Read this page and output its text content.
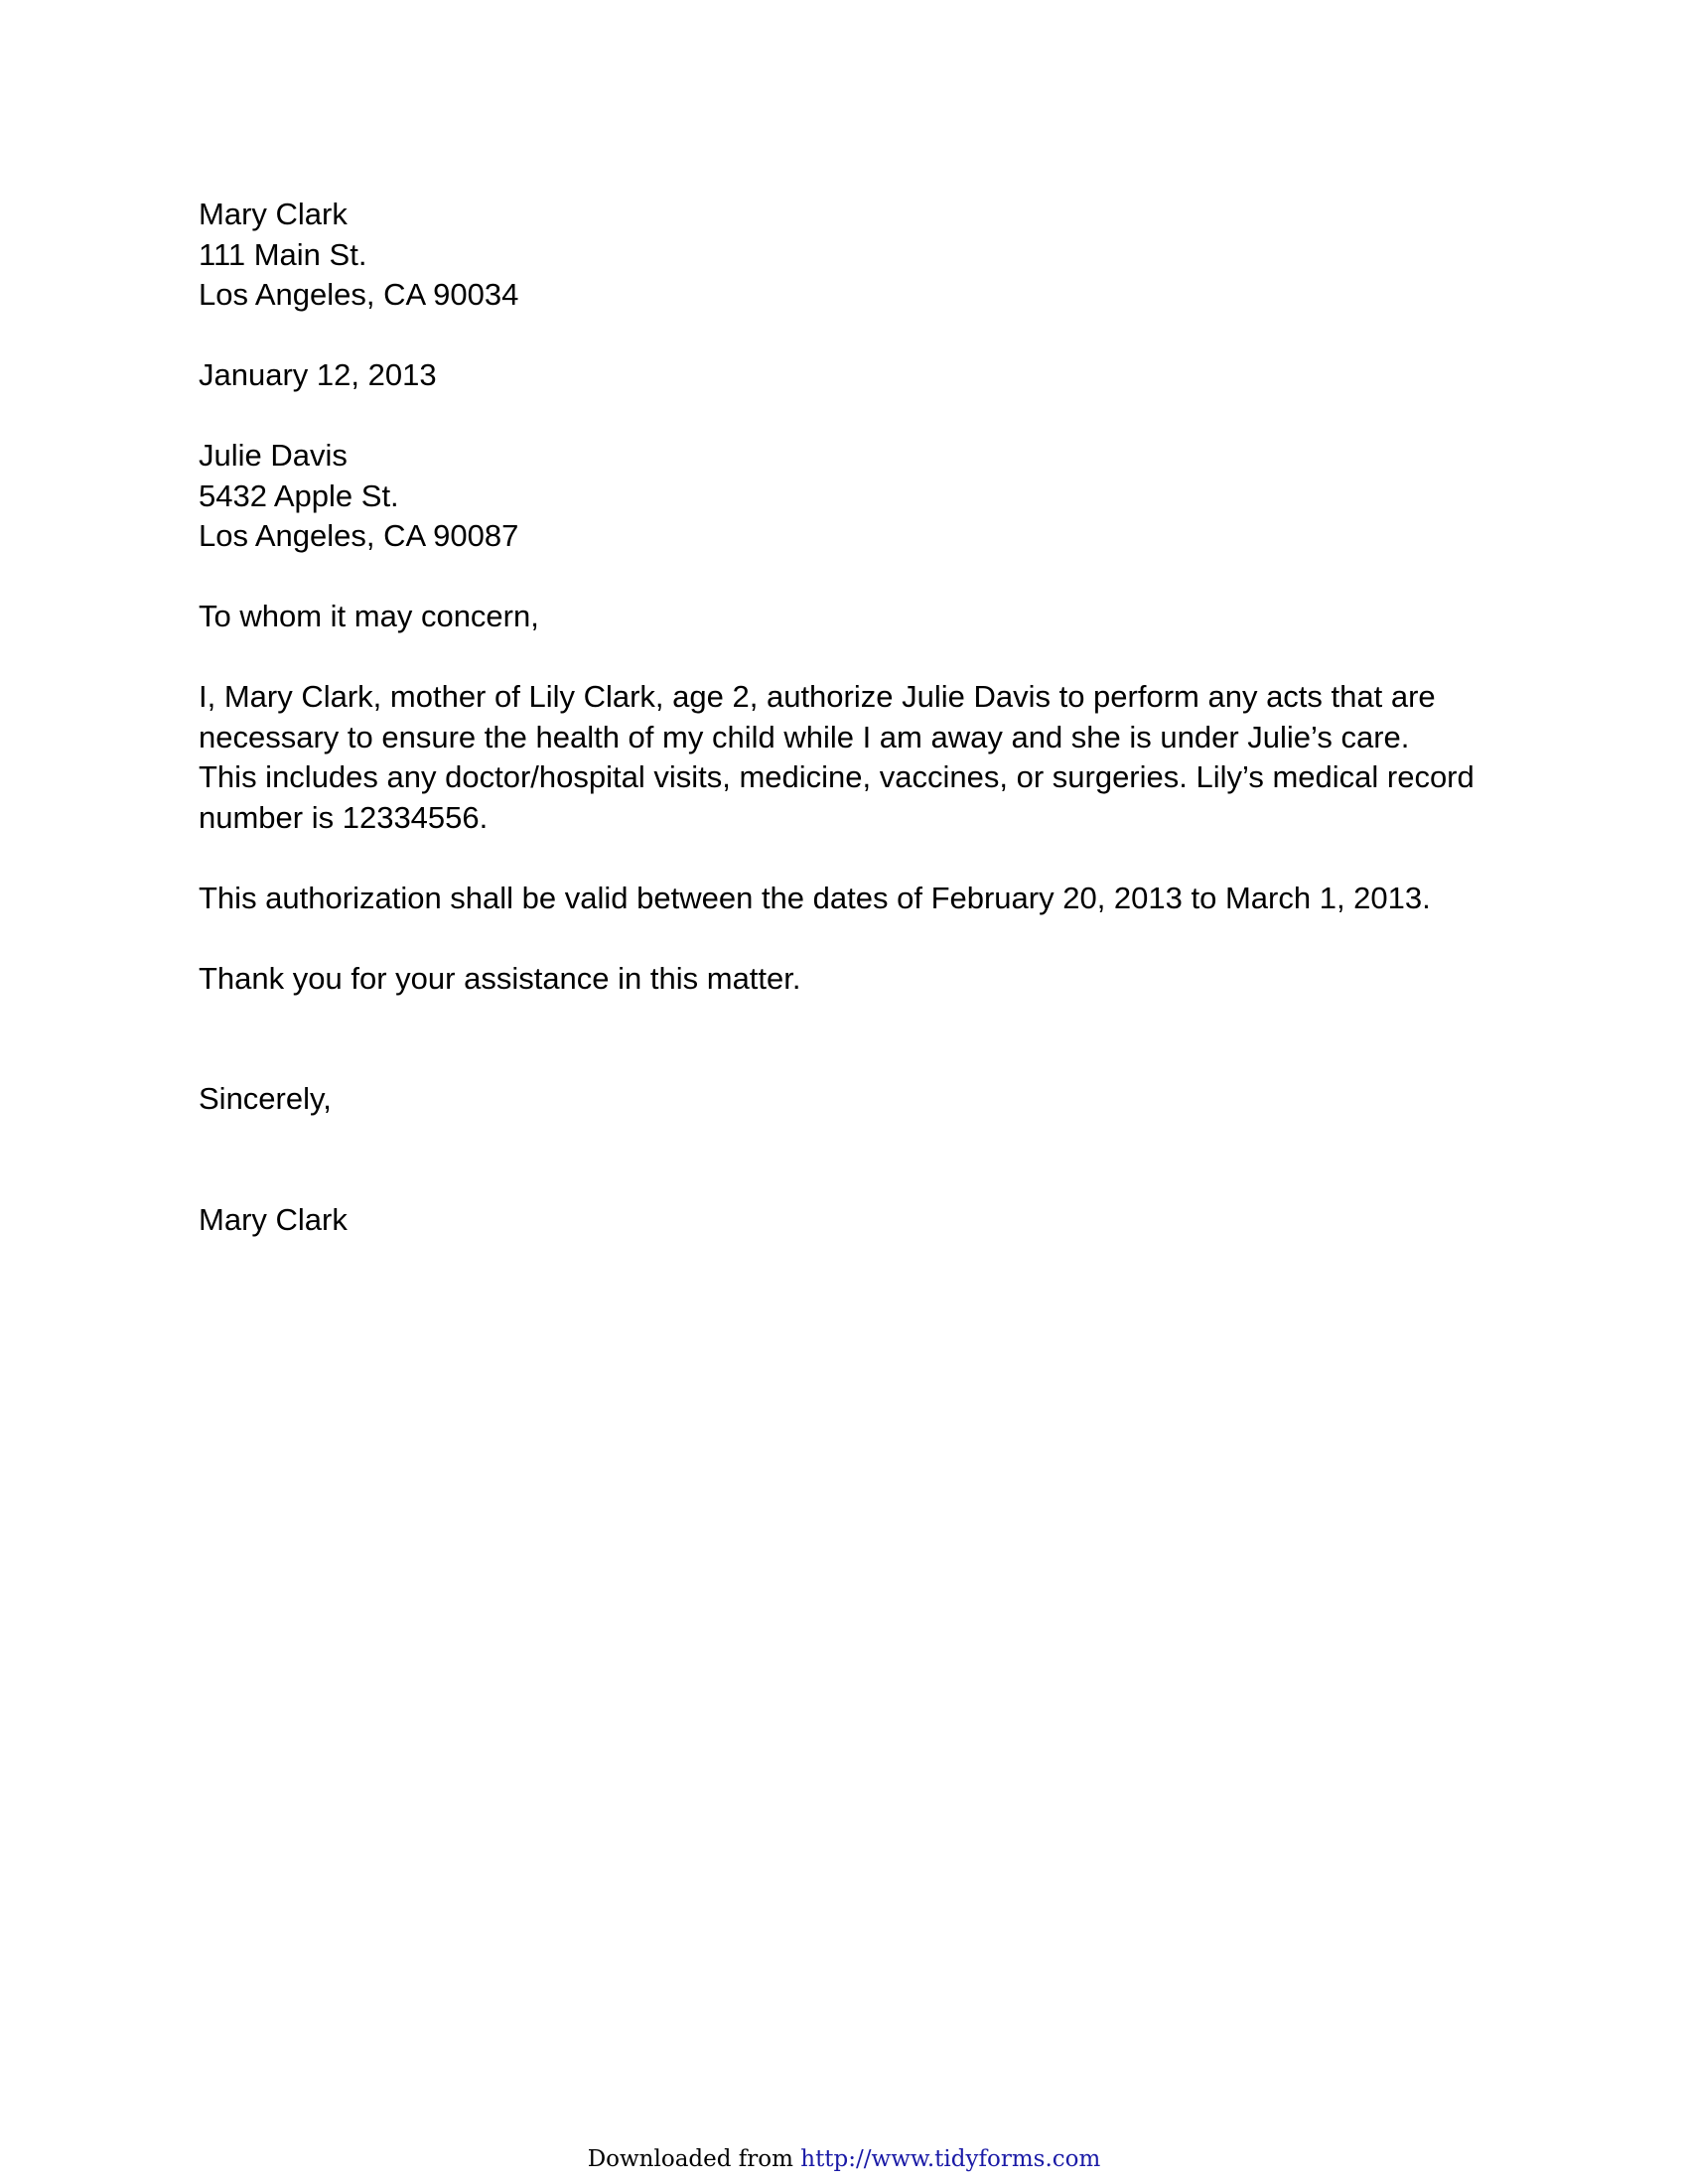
Mary Clark
111 Main St.
Los Angeles, CA 90034
January 12, 2013
Julie Davis
5432 Apple St.
Los Angeles, CA 90087
To whom it may concern,
I, Mary Clark, mother of Lily Clark, age 2, authorize Julie Davis to perform any acts that are
necessary to ensure the health of my child while I am away and she is under Julie’s care.
This includes any doctor/hospital visits, medicine, vaccines, or surgeries. Lily’s medical record
number is 12334556.
This authorization shall be valid between the dates of February 20, 2013 to March 1, 2013.
Thank you for your assistance in this matter.
Sincerely,
Mary Clark
Downloaded from http://www.tidyforms.com
